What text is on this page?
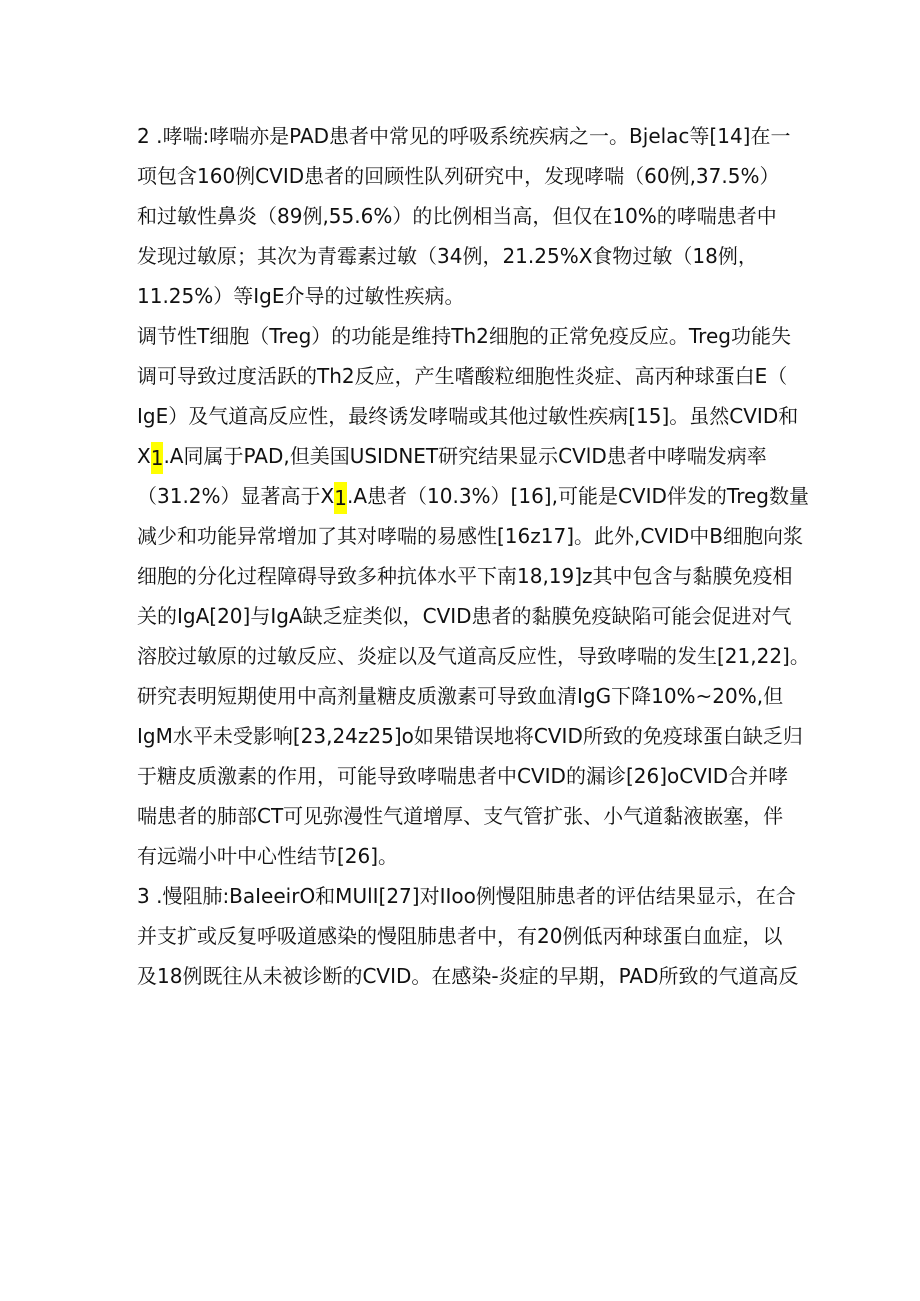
2 .哮喘:哮喘亦是PAD患者中常见的呼吸系统疾病之一。Bjelac等[14]在一
项包含160例CVID患者的回顾性队列研究中，发现哮喘（60例,37.5%）
和过敏性鼻炎（89例,55.6%）的比例相当高，但仅在10%的哮喘患者中
发现过敏原；其次为青霉素过敏（34例，21.25%X食物过敏（18例，
11.25%）等IgE介导的过敏性疾病。
调节性T细胞（Treg）的功能是维持Th2细胞的正常免疫反应。Treg功能失
调可导致过度活跃的Th2反应，产生嗜酸粒细胞性炎症、高丙种球蛋白E（
IgE）及气道高反应性，最终诱发哮喘或其他过敏性疾病[15]。虽然CVID和
X1.A同属于PAD,但美国USIDNET研究结果显示CVlD患者中哮喘发病率
（31.2%）显著高于X1.A患者（10.3%）[16],可能是CVID伴发的Treg数量
减少和功能异常增加了其对哮喘的易感性[16z17]。此外,CVID中B细胞向浆
细胞的分化过程障碍导致多种抗体水平下南18,19]z其中包含与黏膜免疫相
关的IgA[20]与IgA缺乏症类似，CVID患者的黏膜免疫缺陷可能会促进对气
溶胶过敏原的过敏反应、炎症以及气道高反应性，导致哮喘的发生[21,22]。
研究表明短期使用中高剂量糖皮质激素可导致血清IgG下降10%~20%,但
IgM水平未受影响[23,24z25]o如果错误地将CVID所致的免疫球蛋白缺乏归
于糖皮质激素的作用，可能导致哮喘患者中CVID的漏诊[26]oCVID合并哮
喘患者的肺部CT可见弥漫性气道增厚、支气管扩张、小气道黏液嵌塞，伴
有远端小叶中心性结节[26]。
3 .慢阻肺:BaIeeirO和MUlI[27]对IIoo例慢阻肺患者的评估结果显示，在合
并支扩或反复呼吸道感染的慢阻肺患者中，有20例低丙种球蛋白血症，以
及18例既往从未被诊断的CVID。在感染-炎症的早期，PAD所致的气道高反
